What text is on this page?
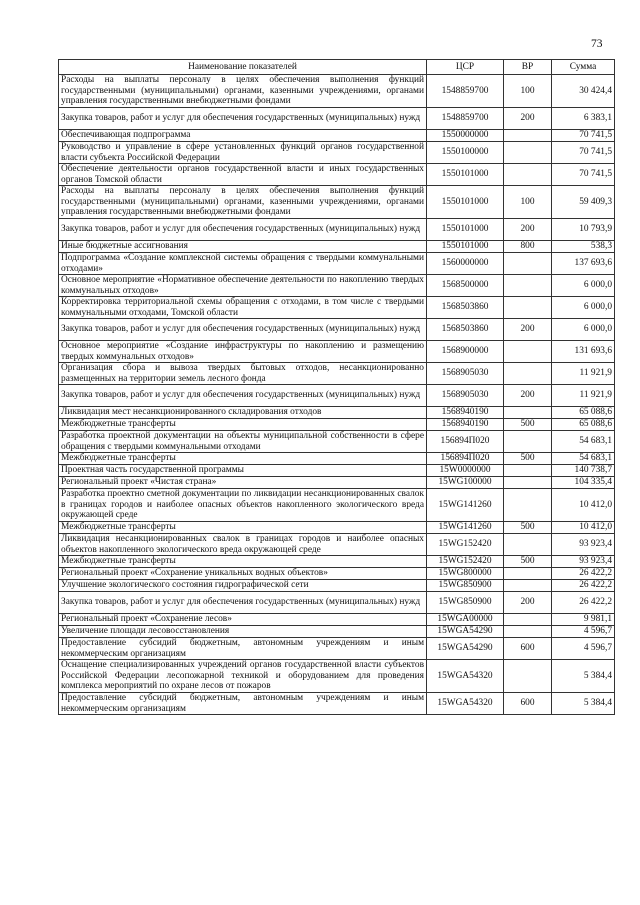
73
Наименование показателей	ЦСР	ВР	Сумма
Расходы на выплаты персоналу в целях обеспечения выполнения функций государственными (муниципальными) органами, казенными учреждениями, органами управления государственными внебюджетными фондами	1548859700	100	30 424,4
Закупка товаров, работ и услуг для обеспечения государственных (муниципальных) нужд	1548859700	200	6 383,1
Обеспечивающая подпрограмма	1550000000		70 741,5
Руководство и управление в сфере установленных функций органов государственной власти субъекта Российской Федерации	1550100000		70 741,5
Обеспечение деятельности органов государственной власти и иных государственных органов Томской области	1550101000		70 741,5
Расходы на выплаты персоналу в целях обеспечения выполнения функций государственными (муниципальными) органами, казенными учреждениями, органами управления государственными внебюджетными фондами	1550101000	100	59 409,3
Закупка товаров, работ и услуг для обеспечения государственных (муниципальных) нужд	1550101000	200	10 793,9
Иные бюджетные ассигнования	1550101000	800	538,3
Подпрограмма «Создание комплексной системы обращения с твердыми коммунальными отходами»	1560000000		137 693,6
Основное мероприятие «Нормативное обеспечение деятельности по накоплению твердых коммунальных отходов»	1568500000		6 000,0
Корректировка территориальной схемы обращения с отходами, в том числе с твердыми коммунальными отходами, Томской области	1568503860		6 000,0
Закупка товаров, работ и услуг для обеспечения государственных (муниципальных) нужд	1568503860	200	6 000,0
Основное мероприятие «Создание инфраструктуры по накоплению и размещению твердых коммунальных отходов»	1568900000		131 693,6
Организация сбора и вывоза твердых бытовых отходов, несанкционированно размещенных на территории земель лесного фонда	1568905030		11 921,9
Закупка товаров, работ и услуг для обеспечения государственных (муниципальных) нужд	1568905030	200	11 921,9
Ликвидация мест несанкционированного складирования отходов	1568940190		65 088,6
Межбюджетные трансферты	1568940190	500	65 088,6
Разработка проектной документации на объекты муниципальной собственности в сфере обращения с твердыми коммунальными отходами	156894П020		54 683,1
Межбюджетные трансферты	156894П020	500	54 683,1
Проектная часть государственной программы	15W0000000		140 738,7
Региональный проект «Чистая страна»	15WG100000		104 335,4
Разработка проектно сметной документации по ликвидации несанкционированных свалок в границах городов и наиболее опасных объектов накопленного экологического вреда окружающей среде	15WG141260		10 412,0
Межбюджетные трансферты	15WG141260	500	10 412,0
Ликвидация несанкционированных свалок в границах городов и наиболее опасных объектов накопленного экологического вреда окружающей среде	15WG152420		93 923,4
Межбюджетные трансферты	15WG152420	500	93 923,4
Региональный проект «Сохранение уникальных водных объектов»	15WG800000		26 422,2
Улучшение экологического состояния гидрографической сети	15WG850900		26 422,2
Закупка товаров, работ и услуг для обеспечения государственных (муниципальных) нужд	15WG850900	200	26 422,2
Региональный проект «Сохранение лесов»	15WGA00000		9 981,1
Увеличение площади лесовосстановления	15WGA54290		4 596,7
Предоставление субсидий бюджетным, автономным учреждениям и иным некоммерческим организациям	15WGA54290	600	4 596,7
Оснащение специализированных учреждений органов государственной власти субъектов Российской Федерации лесопожарной техникой и оборудованием для проведения комплекса мероприятий по охране лесов от пожаров	15WGA54320		5 384,4
Предоставление субсидий бюджетным, автономным учреждениям и иным некоммерческим организациям	15WGA54320	600	5 384,4
